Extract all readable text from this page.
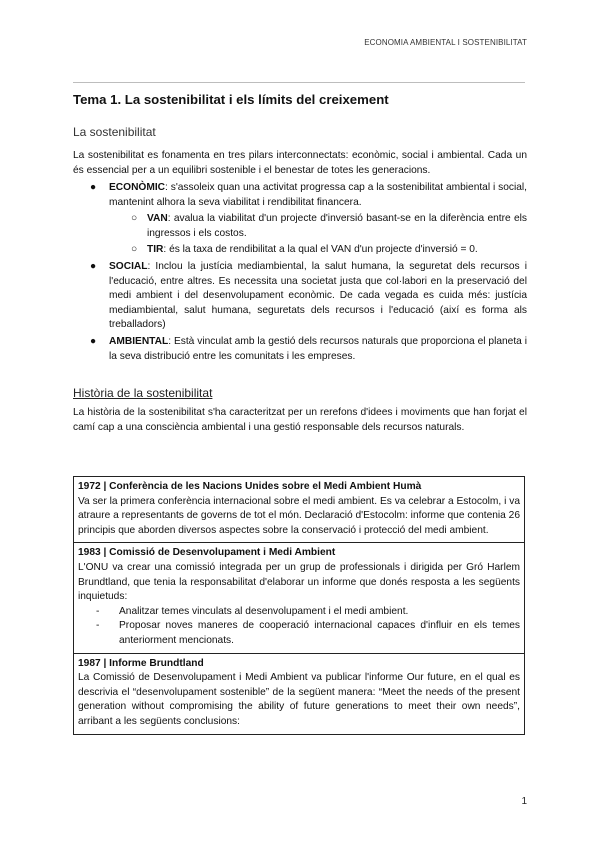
ECONOMIA AMBIENTAL I SOSTENIBILITAT
Tema 1. La sostenibilitat i els límits del creixement
La sostenibilitat

La sostenibilitat es fonamenta en tres pilars interconnectats: econòmic, social i ambiental. Cada un és essencial per a un equilibri sostenible i el benestar de totes les generacions.

● ECONÒMIC: s'assoleix quan una activitat progressa cap a la sostenibilitat ambiental i social, mantenint alhora la seva viabilitat i rendibilitat financera.
○ VAN: avalua la viabilitat d'un projecte d'inversió basant-se en la diferència entre els ingressos i els costos.
○ TIR: és la taxa de rendibilitat a la qual el VAN d'un projecte d'inversió = 0.
● SOCIAL: Inclou la justícia mediambiental, la salut humana, la seguretat dels recursos i l'educació, entre altres. Es necessita una societat justa que col·labori en la preservació del medi ambient i del desenvolupament econòmic. De cada vegada es cuida més: justícia mediambiental, salut humana, seguretats dels recursos i l'educació (així es forma als treballadors)
● AMBIENTAL: Està vinculat amb la gestió dels recursos naturals que proporciona el planeta i la seva distribució entre les comunitats i les empreses.
Història de la sostenibilitat

La història de la sostenibilitat s'ha caracteritzat per un rerefons d'idees i moviments que han forjat el camí cap a una consciència ambiental i una gestió responsable dels recursos naturals.

1972 | Conferència de les Nacions Unides sobre el Medi Ambient Humà
Va ser la primera conferència internacional sobre el medi ambient. Es va celebrar a Estocolm, i va atraure a representants de governs de tot el món. Declaració d'Estocolm: informe que contenia 26 principis que aborden diversos aspectes sobre la conservació i protecció del medi ambient.
1983 | Comissió de Desenvolupament i Medi Ambient
L'ONU va crear una comissió integrada per un grup de professionals i dirigida per Gró Harlem Brundtland, que tenia la responsabilitat d'elaborar un informe que donés resposta a les següents inquietuds:
- Analitzar temes vinculats al desenvolupament i el medi ambient.
- Proposar noves maneres de cooperació internacional capaces d'influir en els temes anteriorment mencionats.
1987 | Informe Brundtland
La Comissió de Desenvolupament i Medi Ambient va publicar l'informe Our future, en el qual es descrivia el “desenvolupament sostenible” de la següent manera: “Meet the needs of the present generation without compromising the ability of future generations to meet their own needs”, arribant a les següents conclusions:
1
